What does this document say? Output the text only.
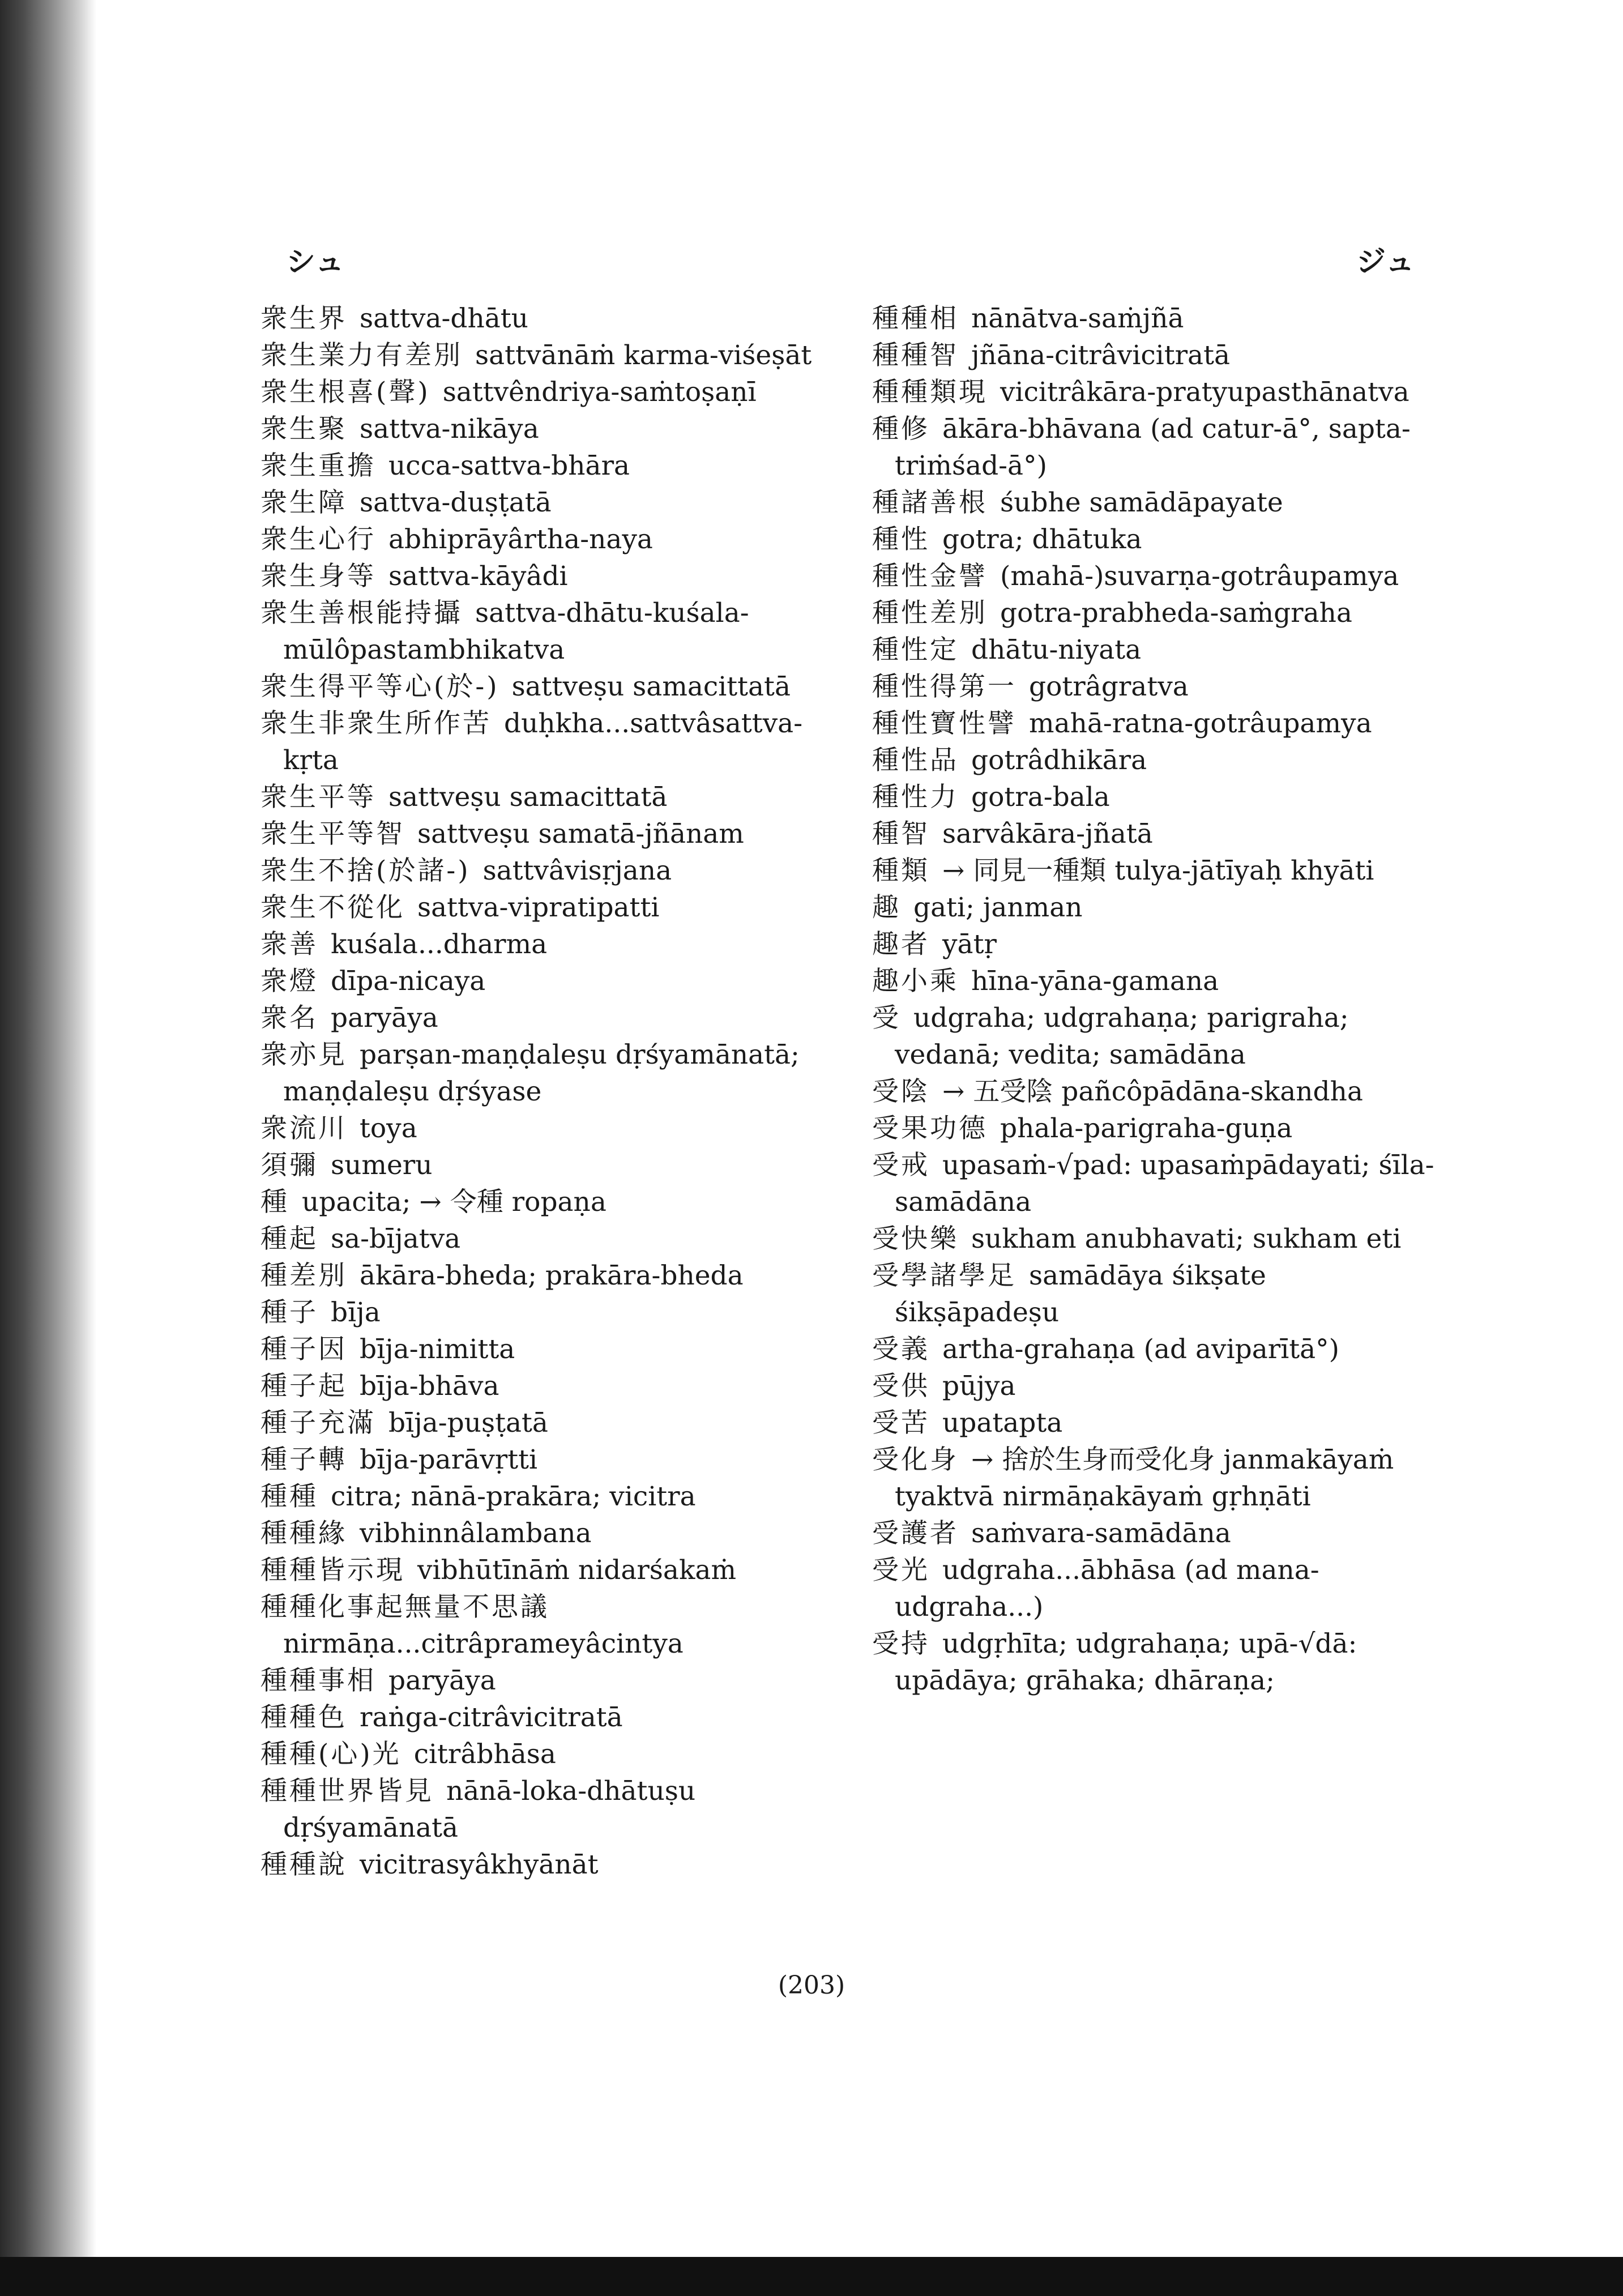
シュ	ジュ
衆生界 sattva-dhātu
衆生業力有差別 sattvānāṁ karma-viśeṣāt
衆生根喜(聲) sattvêndriya-saṁtoṣaṇī
衆生聚 sattva-nikāya
衆生重擔 ucca-sattva-bhāra
衆生障 sattva-duṣṭatā
衆生心行 abhiprāyârtha-naya
衆生身等 sattva-kāyâdi
衆生善根能持攝 sattva-dhātu-kuśala-mūlôpastambhikatva
衆生得平等心(於-) sattveṣu samacittatā
衆生非衆生所作苦 duḥkha...sattvâsattva-kṛta
衆生平等 sattveṣu samacittatā
衆生平等智 sattveṣu samatā-jñānam
衆生不捨(於諸-) sattvâvisṛjana
衆生不從化 sattva-vipratipatti
衆善 kuśala...dharma
衆燈 dīpa-nicaya
衆名 paryāya
衆亦見 parṣan-maṇḍaleṣu dṛśyamānatā; maṇḍaleṣu dṛśyase
衆流川 toya
須彌 sumeru
種 upacita; → 令種 ropaṇa
種起 sa-bījatva
種差別 ākāra-bheda; prakāra-bheda
種子 bīja
種子因 bīja-nimitta
種子起 bīja-bhāva
種子充滿 bīja-puṣṭatā
種子轉 bīja-parāvṛtti
種種 citra; nānā-prakāra; vicitra
種種緣 vibhinnâlambana
種種皆示現 vibhūtīnāṁ nidarśakaṁ
種種化事起無量不思議nirmāṇa...citrâprameyâcintya
種種事相 paryāya
種種色 raṅga-citrâvicitratā
種種(心)光 citrâbhāsa
種種世界皆見 nānā-loka-dhātuṣu dṛśyamānatā
種種說 vicitrasyâkhyānāt
種種相 nānātva-saṁjñā
種種智 jñāna-citrâvicitratā
種種類現 vicitrâkāra-pratyupasthānatva
種修 ākāra-bhāvana (ad catur-ā°, sapta-triṁśad-ā°)
種諸善根 śubhe samādāpayate
種性 gotra; dhātuka
種性金譬 (mahā-)suvarṇa-gotrâupamya
種性差別 gotra-prabheda-saṁgraha
種性定 dhātu-niyata
種性得第一 gotrâgratva
種性寶性譬 mahā-ratna-gotrâupamya
種性品 gotrâdhikāra
種性力 gotra-bala
種智 sarvâkāra-jñatā
種類 → 同見一種類 tulya-jātīyaḥ khyāti
趣 gati; janman
趣者 yātṛ
趣小乘 hīna-yāna-gamana
受 udgraha; udgrahaṇa; parigraha; vedanā; vedita; samādāna
受陰 → 五受陰 pañcôpādāna-skandha
受果功德 phala-parigraha-guṇa
受戒 upasaṁ-√pad: upasaṁpādayati; śīla-samādāna
受快樂 sukham anubhavati; sukham eti
受學諸學足 samādāya śikṣate śikṣāpadeṣu
受義 artha-grahaṇa (ad aviparītā°)
受供 pūjya
受苦 upatapta
受化身 → 捨於生身而受化身 janmakāyaṁ tyaktvā nirmāṇakāyaṁ gṛhṇāti
受護者 saṁvara-samādāna
受光 udgraha...ābhāsa (ad mana-udgraha...)
受持 udgṛhīta; udgrahaṇa; upā-√dā: upādāya; grāhaka; dhāraṇa;
(203)
